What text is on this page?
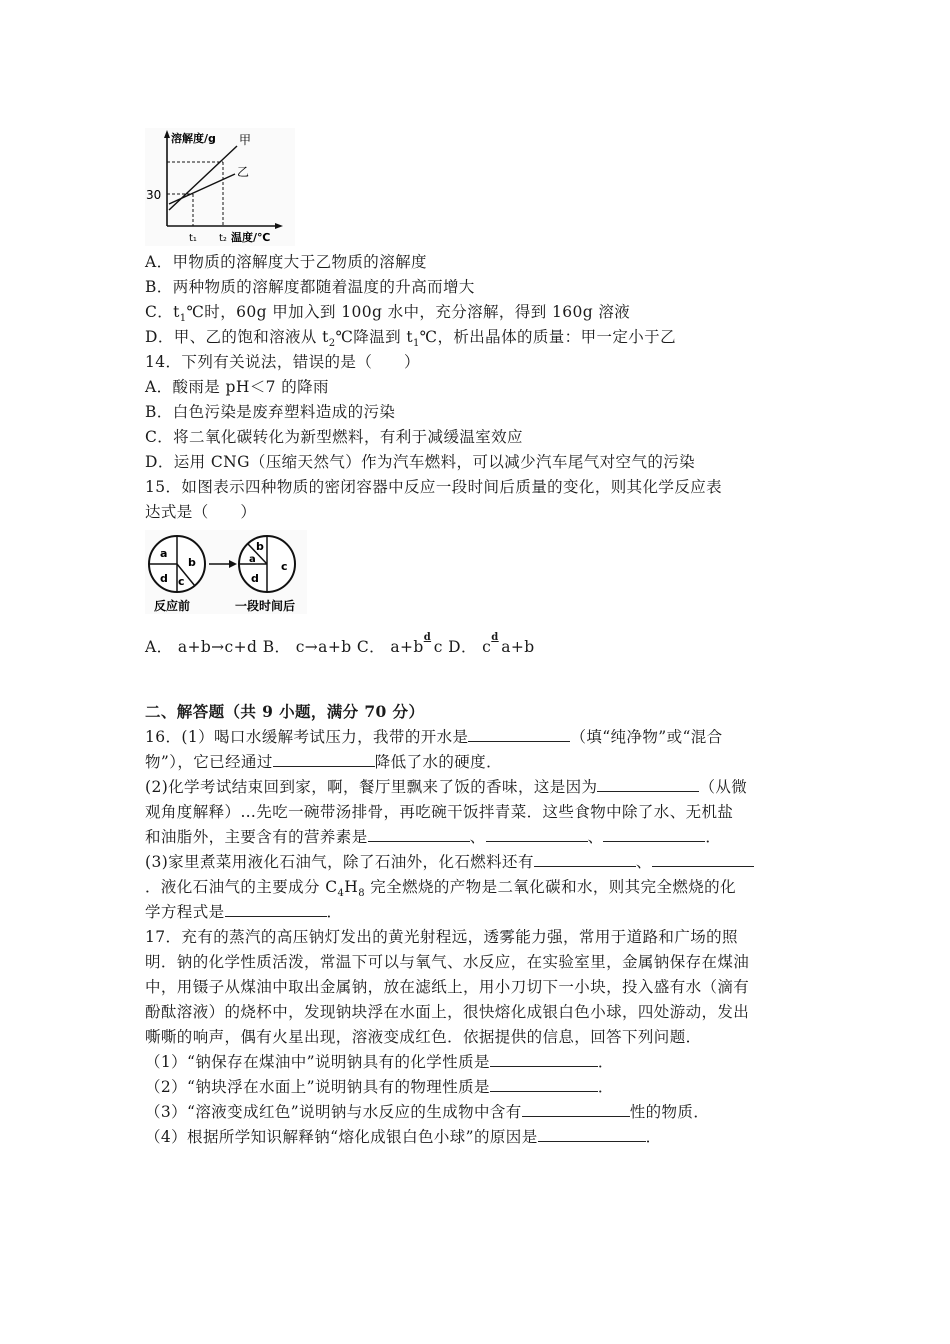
溶解度/g 甲
乙
30
t₁ t₂ 温度/℃
A．甲物质的溶解度大于乙物质的溶解度
B．两种物质的溶解度都随着温度的升高而增大
C．$t_1℃$时，60g 甲加入到 100g 水中，充分溶解，得到 160g 溶液
D．甲、乙的饱和溶液从 $t_2℃$降温到 $t_1℃$，析出晶体的质量：甲一定小于乙
14．下列有关说法，错误的是（　　）
A．酸雨是 pH＜7 的降雨
B．白色污染是废弃塑料造成的污染
C．将二氧化碳转化为新型燃料，有利于减缓温室效应
D．运用 CNG（压缩天然气）作为汽车燃料，可以减少汽车尾气对空气的污染
15．如图表示四种物质的密闭容器中反应一段时间后质量的变化，则其化学反应表
达式是（　　）
a
b
d c
a
b
d
c
反应前	一段时间后
A． a+b→c+d B． c→a+b C． a+b
d
c D． c
d
a+b
二、解答题（共 9 小题，满分 70 分）
16．(1）喝口水缓解考试压力，我带的开水是	（填“纯净物”或“混合
物”），它已经通过	降低了水的硬度．
(2)化学考试结束回到家，啊，餐厅里飘来了饭的香味，这是因为	（从微
观角度解释）…先吃一碗带汤排骨，再吃碗干饭拌青菜．这些食物中除了水、无机盐
和油脂外，主要含有的营养素是	、	、	．
(3)家里煮菜用液化石油气，除了石油外，化石燃料还有	、
．液化石油气的主要成分 $C_4H_8$ 完全燃烧的产物是二氧化碳和水，则其完全燃烧的化
学方程式是	．
17．充有的蒸汽的高压钠灯发出的黄光射程远，透雾能力强，常用于道路和广场的照
明．钠的化学性质活泼，常温下可以与氧气、水反应，在实验室里，金属钠保存在煤油
中，用镊子从煤油中取出金属钠，放在滤纸上，用小刀切下一小块，投入盛有水（滴有
酚酞溶液）的烧杯中，发现钠块浮在水面上，很快熔化成银白色小球，四处游动，发出
嘶嘶的响声，偶有火星出现，溶液变成红色．依据提供的信息，回答下列问题．
（1）“钠保存在煤油中”说明钠具有的化学性质是	．
（2）“钠块浮在水面上”说明钠具有的物理性质是	．
（3）“溶液变成红色”说明钠与水反应的生成物中含有	性的物质．
（4）根据所学知识解释钠“熔化成银白色小球”的原因是	．
